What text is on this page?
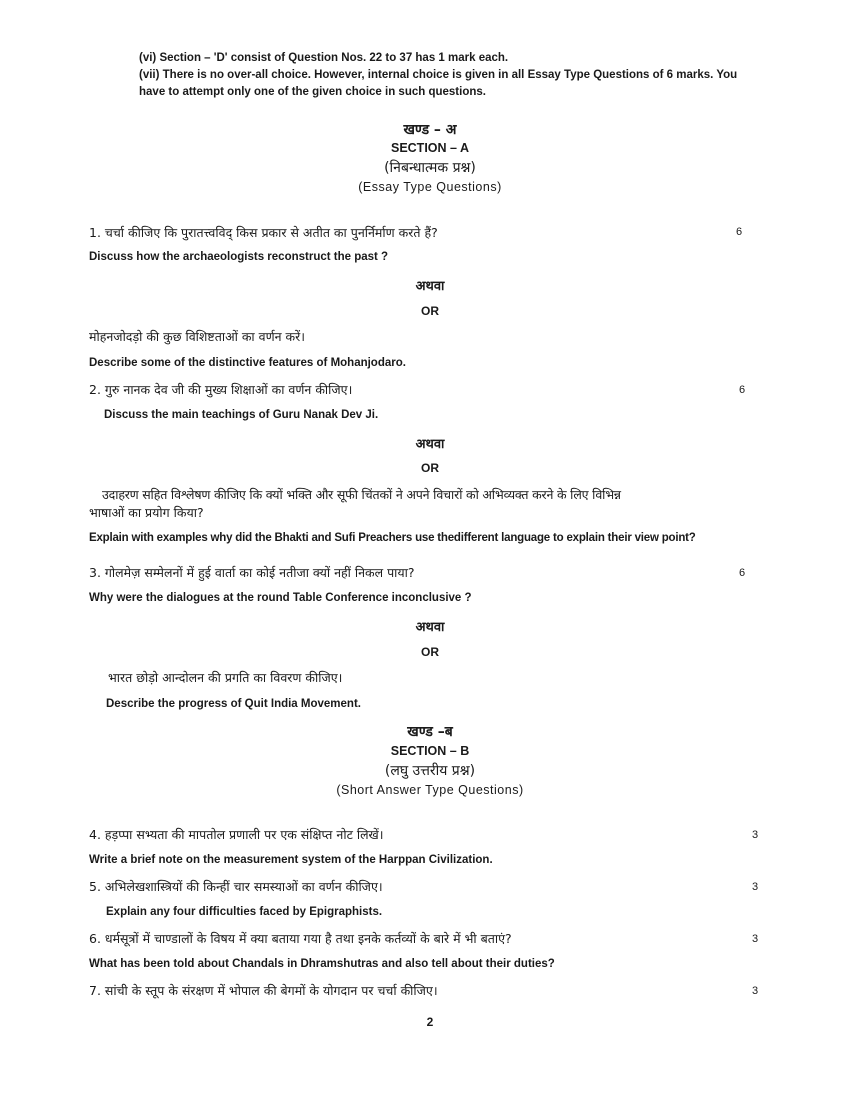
(vi) Section – 'D' consist of Question Nos. 22 to 37 has 1 mark each.
(vii) There is no over-all choice. However, internal choice is given in all Essay Type Questions of 6 marks. You
have to attempt only one of the given choice in such questions.
खण्ड – अ
SECTION – A
(निबन्धात्मक प्रश्न)
(Essay Type Questions)
1. चर्चा कीजिए कि पुरातत्त्वविद् किस प्रकार से अतीत का पुनर्निर्माण करते हैं?	6
Discuss how the archaeologists reconstruct the past ?
अथवा
OR
मोहनजोदड़ो की कुछ विशिष्टताओं का वर्णन करें।
Describe some of the distinctive features of Mohanjodaro.
2. गुरु नानक देव जी की मुख्य शिक्षाओं का वर्णन कीजिए।	6
Discuss the main teachings of Guru Nanak Dev Ji.
अथवा
OR
उदाहरण सहित विश्लेषण कीजिए कि क्यों भक्ति और सूफी चिंतकों ने अपने विचारों को अभिव्यक्त करने के लिए विभिन्न
भाषाओं का प्रयोग किया?
Explain with examples why did the Bhakti and Sufi Preachers use thedifferent language to explain their view point?
3. गोलमेज़ सम्मेलनों में हुई वार्ता का कोई नतीजा क्यों नहीं निकल पाया?	6
Why were the dialogues at the round Table Conference inconclusive ?
अथवा
OR
भारत छोड़ो आन्दोलन की प्रगति का विवरण कीजिए।
Describe the progress of Quit India Movement.
खण्ड –ब
SECTION – B
(लघु उत्तरीय प्रश्न)
(Short Answer Type Questions)
4. हड़प्पा सभ्यता की मापतोल प्रणाली पर एक संक्षिप्त नोट लिखें।	3
Write a brief note on the measurement system of the Harppan Civilization.
5. अभिलेखशास्त्रियों की किन्हीं चार समस्याओं का वर्णन कीजिए।	3
Explain any four difficulties faced by Epigraphists.
6. धर्मसूत्रों में चाण्डालों के विषय में क्या बताया गया है तथा इनके कर्तव्यों के बारे में भी बताएं?	3
What has been told about Chandals in Dhramshutras and also tell about their duties?
7. सांची के स्तूप के संरक्षण में भोपाल की बेगमों के योगदान पर चर्चा कीजिए।	3
2
